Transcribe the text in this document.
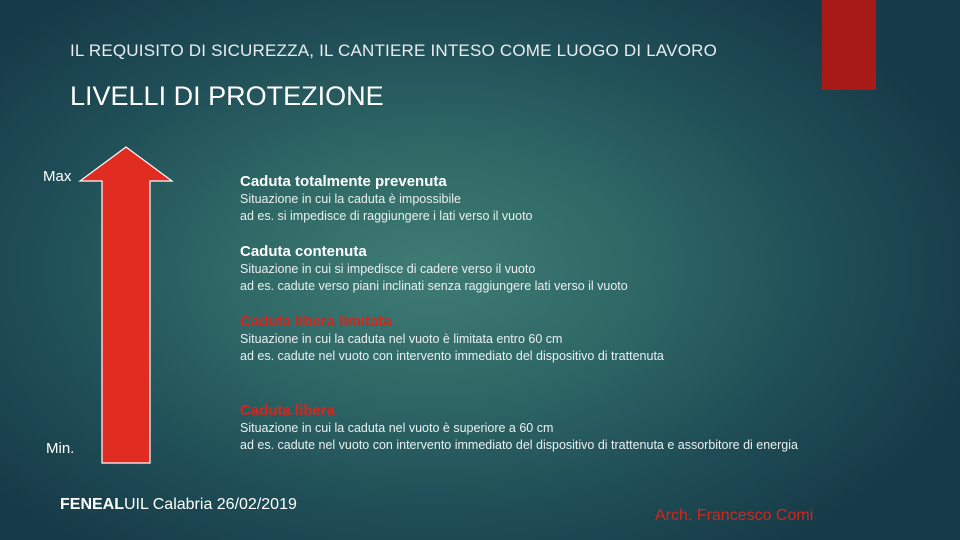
IL REQUISITO DI SICUREZZA, IL CANTIERE INTESO COME LUOGO DI LAVORO
LIVELLI DI PROTEZIONE
Max
Min.
Caduta totalmente prevenuta
Situazione in cui la caduta è impossibile
ad es. si impedisce di raggiungere i lati verso il vuoto
Caduta contenuta
Situazione in cui si impedisce di cadere verso il vuoto
ad es. cadute verso piani inclinati senza raggiungere lati verso il vuoto
Caduta libera limitata
Situazione in cui la caduta nel vuoto è limitata entro 60 cm
ad es. cadute nel vuoto con intervento immediato del dispositivo di trattenuta
Caduta libera
Situazione in cui la caduta nel vuoto è superiore a 60 cm
ad es. cadute nel vuoto con intervento immediato del dispositivo di trattenuta e assorbitore di energia
FENEALUIL Calabria 26/02/2019
Arch. Francesco Comi
